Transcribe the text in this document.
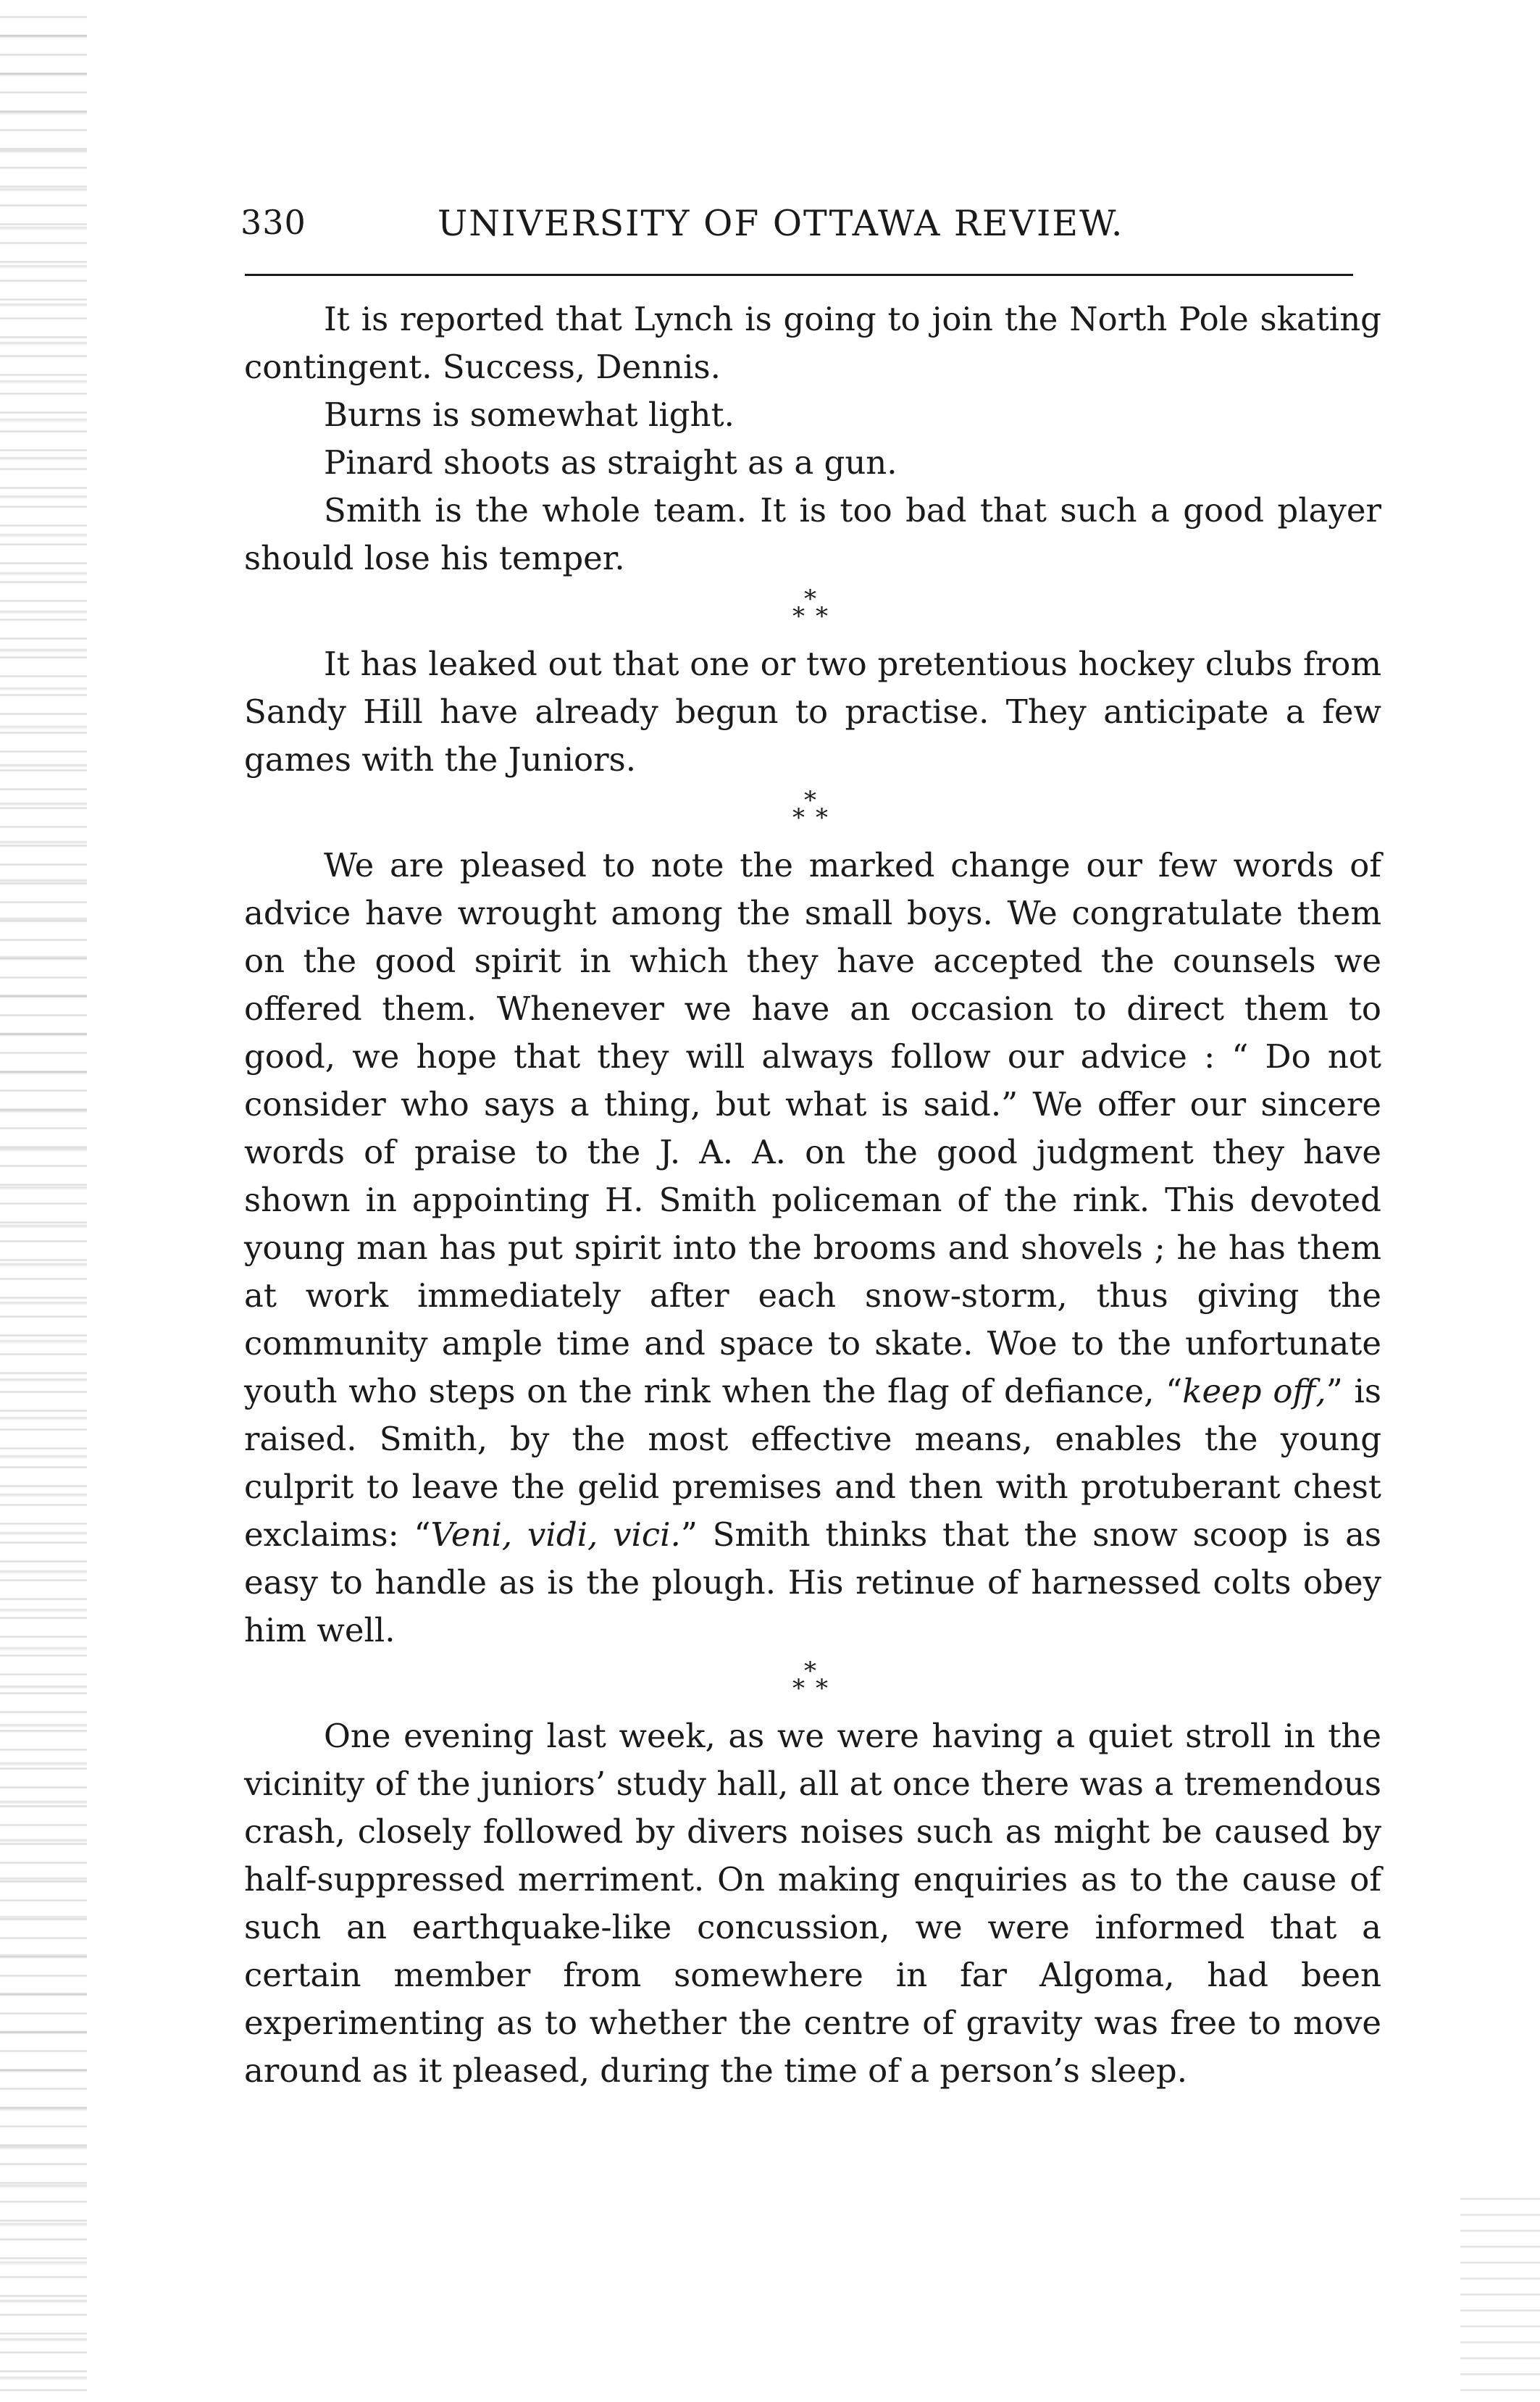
330	UNIVERSITY OF OTTAWA REVIEW.

It is reported that Lynch is going to join the North Pole skating contingent. Success, Dennis.

Burns is somewhat light.

Pinard shoots as straight as a gun.

Smith is the whole team. It is too bad that such a good player should lose his temper.

*
* *

It has leaked out that one or two pretentious hockey clubs from Sandy Hill have already begun to practise. They anticipate a few games with the Juniors.

*
* *

We are pleased to note the marked change our few words of advice have wrought among the small boys. We congratulate them on the good spirit in which they have accepted the counsels we offered them. Whenever we have an occasion to direct them to good, we hope that they will always follow our advice : “ Do not consider who says a thing, but what is said.” We offer our sincere words of praise to the J. A. A. on the good judgment they have shown in appointing H. Smith policeman of the rink. This devoted young man has put spirit into the brooms and shovels ; he has them at work immediately after each snow-storm, thus giving the community ample time and space to skate. Woe to the unfortunate youth who steps on the rink when the flag of defiance, “keep off,” is raised. Smith, by the most effective means, enables the young culprit to leave the gelid premises and then with protuberant chest exclaims: “Veni, vidi, vici.” Smith thinks that the snow scoop is as easy to handle as is the plough. His retinue of harnessed colts obey him well.

*
* *

One evening last week, as we were having a quiet stroll in the vicinity of the juniors’ study hall, all at once there was a tremendous crash, closely followed by divers noises such as might be caused by half-suppressed merriment. On making enquiries as to the cause of such an earthquake-like concussion, we were informed that a certain member from somewhere in far Algoma, had been experimenting as to whether the centre of gravity was free to move around as it pleased, during the time of a person’s sleep.
